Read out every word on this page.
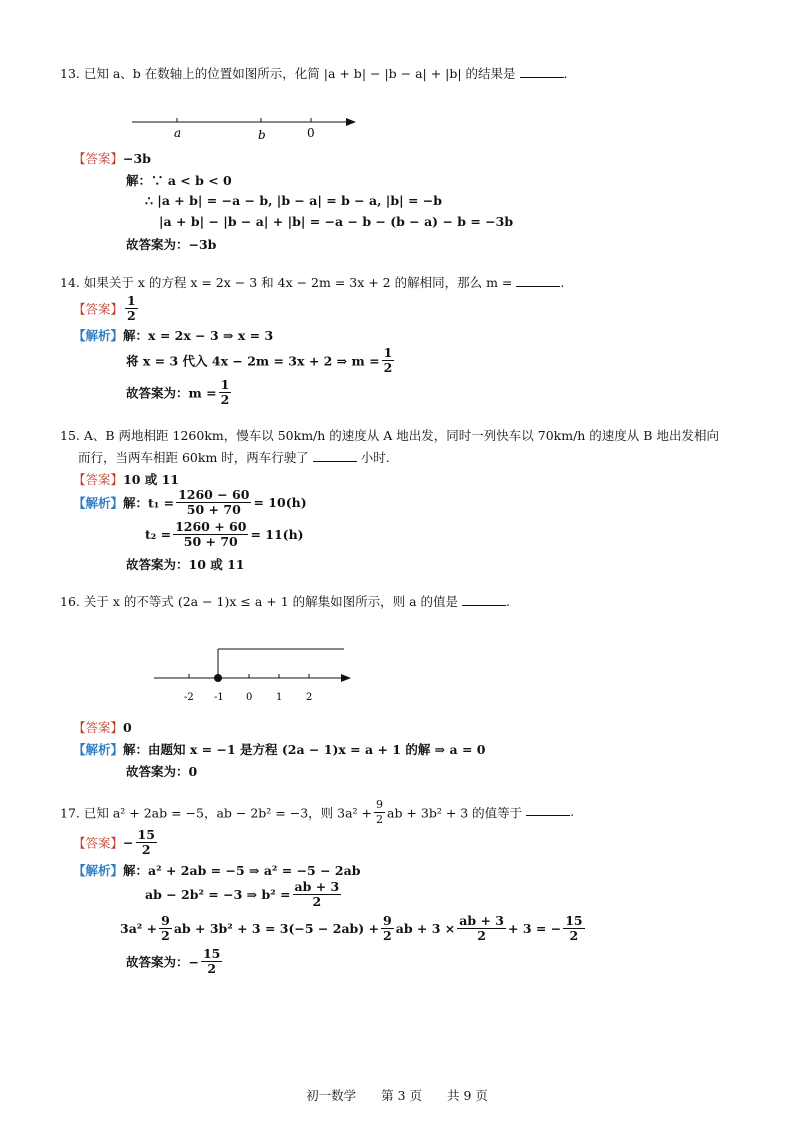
13. 已知 a、b 在数轴上的位置如图所示，化简 |a + b| − |b − a| + |b| 的结果是	.
a	b	0
【答案】−3b
解：∵ a < b < 0
∴ |a + b| = −a − b, |b − a| = b − a, |b| = −b
|a + b| − |b − a| + |b| = −a − b − (b − a) − b = −3b
故答案为：−3b
14. 如果关于 x 的方程 x = 2x − 3 和 4x − 2m = 3x + 2 的解相同，那么 m =	.
【答案】 $\frac{1}{2}$
【解析】解：x = 2x − 3 ⇒ x = 3
将 x = 3 代入 4x − 2m = 3x + 2 ⇒ $m = \frac{1}{2}$
故答案为：$m = \frac{1}{2}$
15. A、B 两地相距 1260km，慢车以 50km/h 的速度从 A 地出发，同时一列快车以 70km/h 的速度从 B 地出发相向
而行，当两车相距 60km 时，两车行驶了	小时.
【答案】10 或 11
【解析】解：$t_1 = \frac{1260 - 60}{50 + 70} = 10(h)$
$t_2 = \frac{1260 + 60}{50 + 70} = 11(h)$
故答案为：10 或 11
16. 关于 x 的不等式 (2a − 1)x ≤ a + 1 的解集如图所示，则 a 的值是	.
-2 -1 0 1 2
【答案】0
【解析】解：由题知 x = −1 是方程 (2a − 1)x = a + 1 的解 ⇒ a = 0
故答案为：0
17. 已知 a² + 2ab = −5，ab − 2b² = −3，则 $3a^2 + \frac{9}{2}$ ab + 3b² + 3 的值等于	.
【答案】− $\frac{15}{2}$
【解析】解：a² + 2ab = −5 ⇒ a² = −5 − 2ab
ab − 2b² = −3 ⇒ $b^2 = \frac{ab + 3}{2}$
$3a^2 + \frac{9}{2}$ ab + $3b^2 + 3 = 3(-5 - 2ab) + \frac{9}{2}$ ab + $3 \times \frac{ab + 3}{2} + 3$ = − $\frac{15}{2}$
故答案为：− $\frac{15}{2}$
初一数学　　第 3 页　　共 9 页
